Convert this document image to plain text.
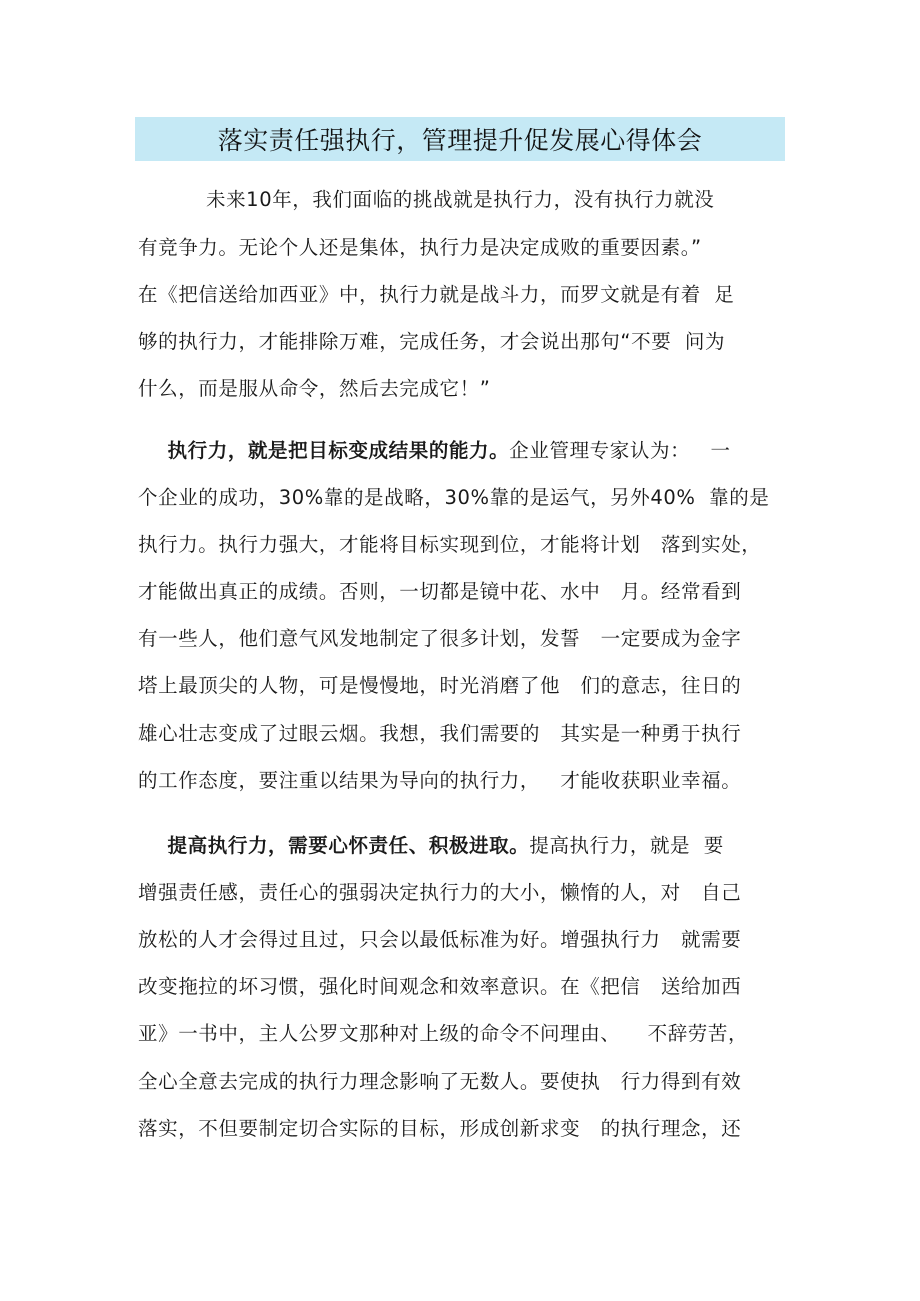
落实责任强执行，管理提升促发展心得体会
未来10年，我们面临的挑战就是执行力，没有执行力就没
有竞争力。无论个人还是集体，执行力是决定成败的重要因素。”
在《把信送给加西亚》中，执行力就是战斗力，而罗文就是有着  足
够的执行力，才能排除万难，完成任务，才会说出那句“不要  问为
什么，而是服从命令，然后去完成它！”
执行力，就是把目标变成结果的能力。企业管理专家认为：   一
个企业的成功，30%靠的是战略，30%靠的是运气，另外40%  靠的是
执行力。执行力强大，才能将目标实现到位，才能将计划   落到实处，
才能做出真正的成绩。否则，一切都是镜中花、水中   月。经常看到
有一些人，他们意气风发地制定了很多计划，发誓   一定要成为金字
塔上最顶尖的人物，可是慢慢地，时光消磨了他   们的意志，往日的
雄心壮志变成了过眼云烟。我想，我们需要的   其实是一种勇于执行
的工作态度，要注重以结果为导向的执行力，   才能收获职业幸福。
提高执行力，需要心怀责任、积极进取。提高执行力，就是  要
增强责任感，责任心的强弱决定执行力的大小，懒惰的人，对   自己
放松的人才会得过且过，只会以最低标准为好。增强执行力   就需要
改变拖拉的坏习惯，强化时间观念和效率意识。在《把信   送给加西
亚》一书中，主人公罗文那种对上级的命令不问理由、    不辞劳苦，
全心全意去完成的执行力理念影响了无数人。要使执   行力得到有效
落实，不但要制定切合实际的目标，形成创新求变   的执行理念，还
